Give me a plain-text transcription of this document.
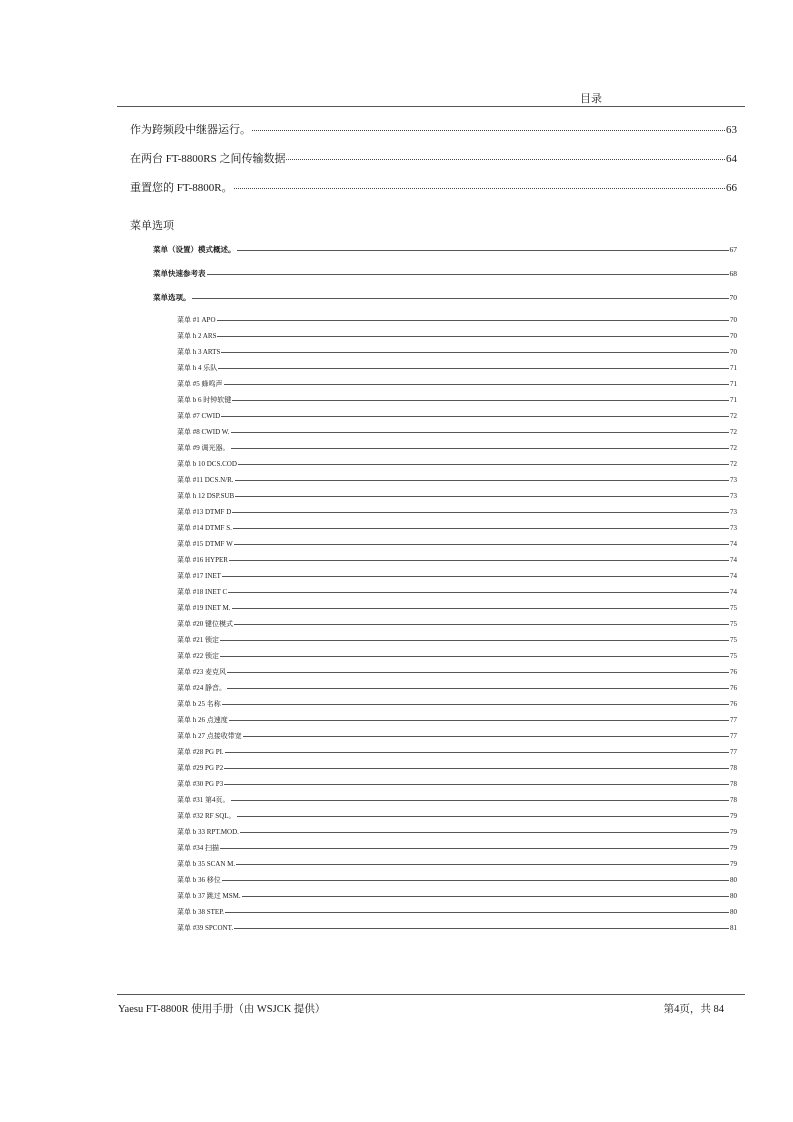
目录
作为跨频段中继器运行。	63
在两台 FT-8800RS 之间传输数据	64
重置您的 FT-8800R。	66
菜单选项
菜单（设置）模式概述。	67
菜单快速参考表	68
菜单选项。	70
菜单 #1 APO	70
菜单 h 2 ARS	70
菜单 h 3 ARTS	70
菜单 h 4 乐队	71
菜单 #5 蜂鸣声	71
菜单 b 6 时钟软键	71
菜单 #7 CWID	72
菜单 #8 CWID W.	72
菜单 #9 调光器。	72
菜单 b 10 DCS.COD	72
菜单 #11 DCS.N/R.	73
菜单 h 12 DSP.SUB	73
菜单 #13 DTMF D	73
菜单 #14 DTMF S.	73
菜单 #15 DTMF W	74
菜单 #16 HYPER	74
菜单 #17 INET	74
菜单 #18 INET C	74
菜单 #19 INET M.	75
菜单 #20 键位模式	75
菜单 #21 锁定	75
菜单 #22 锁定	75
菜单 #23 麦克风	76
菜单 #24 静音。	76
菜单 b 25 名称	76
菜单 h 26 点速度	77
菜单 h 27 点接收带宽	77
菜单 #28 PG PI.	77
菜单 #29 PG P2	78
菜单 #30 PG P3	78
菜单 #31 第4页。	78
菜单 #32 RF SQL。	79
菜单 b 33 RPT.MOD.	79
菜单 #34 扫描	79
菜单 b 35 SCAN M.	79
菜单 b 36 移位	80
菜单 b 37 跳过 MSM.	80
菜单 b 38 STEP.	80
菜单 #39 SPCONT.	81
Yaesu FT-8800R 使用手册（由 WSJCK 提供）	第4页，共 84
